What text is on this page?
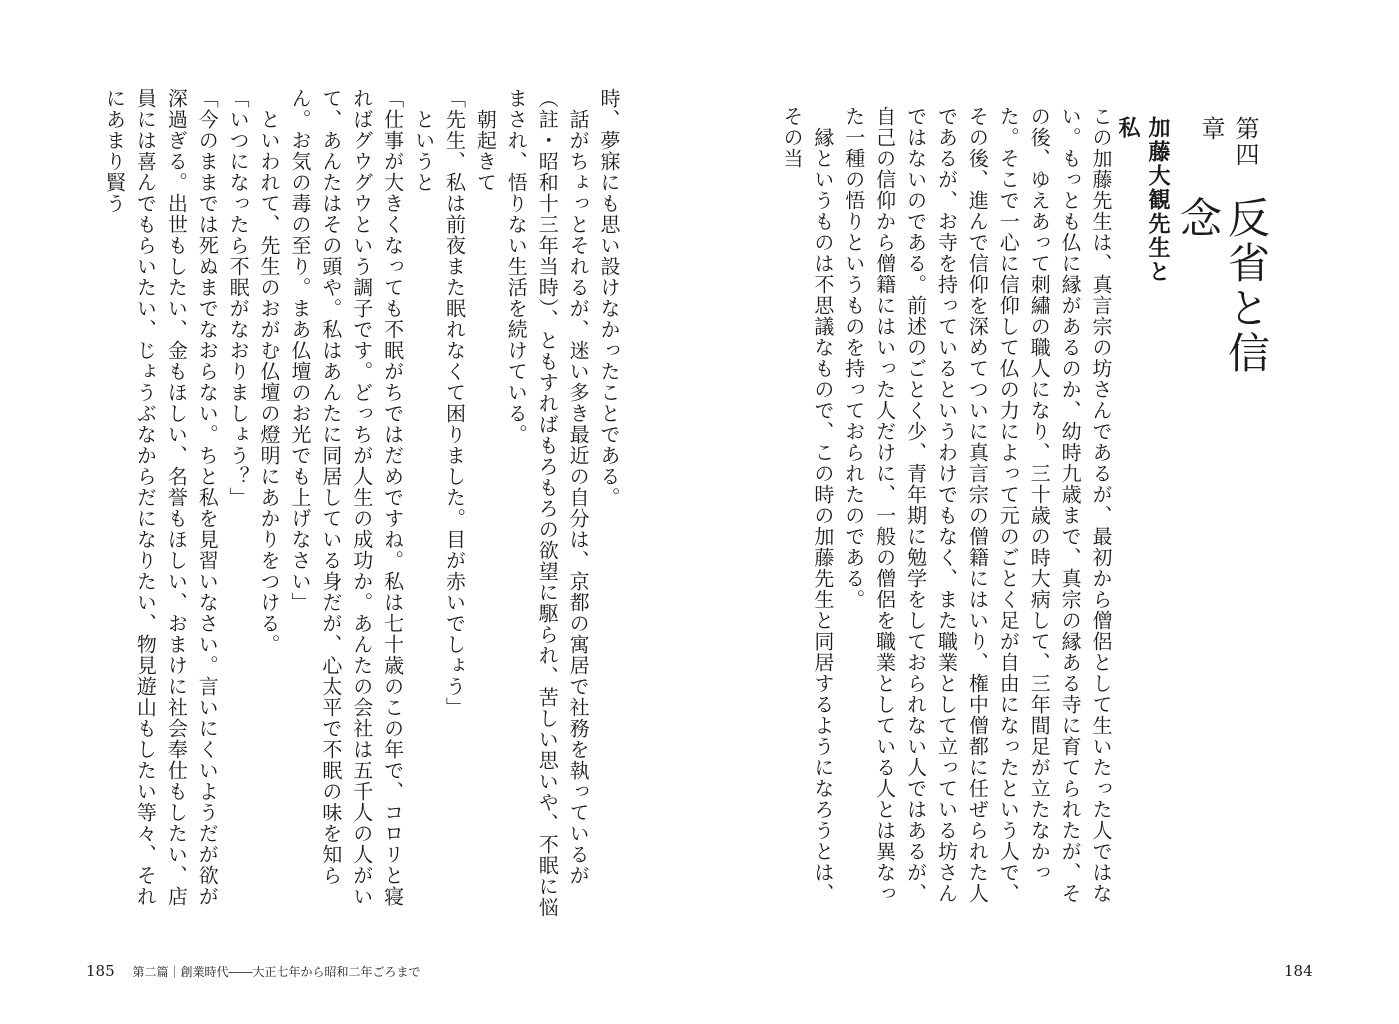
第四章
反省と信念
加藤大観先生と私

この加藤先生は、真言宗の坊さんであるが、最初から僧侶として生いたった人ではない。もっとも仏に縁があるのか、幼時九歳まで、真宗の縁ある寺に育てられたが、その後、ゆえあって刺繡の職人になり、三十歳の時大病して、三年間足が立たなかった。そこで一心に信仰して仏の力によって元のごとく足が自由になったという人で、その後、進んで信仰を深めてついに真言宗の僧籍にはいり、権中僧都に任ぜられた人であるが、お寺を持っているというわけでもなく、また職業として立っている坊さんではないのである。前述のごとく少、青年期に勉学をしておられない人ではあるが、自己の信仰から僧籍にはいった人だけに、一般の僧侶を職業としている人とは異なった一種の悟りというものを持っておられたのである。

　縁というものは不思議なもので、この時の加藤先生と同居するようになろうとは、その当

時、夢寐にも思い設けなかったことである。

　話がちょっとそれるが、迷い多き最近の自分は、京都の寓居で社務を執っているが（註・昭和十三年当時）、ともすればもろもろの欲望に駆られ、苦しい思いや、不眠に悩まされ、悟りない生活を続けている。

　朝起きて

「先生、私は前夜また眠れなくて困りました。目が赤いでしょう」

　というと

「仕事が大きくなっても不眠がちではだめですね。私は七十歳のこの年で、コロリと寝ればグウグウという調子です。どっちが人生の成功か。あんたの会社は五千人の人がいて、あんたはその頭や。私はあんたに同居している身だが、心太平で不眠の味を知らん。お気の毒の至り。まあ仏壇のお光でも上げなさい」

　といわれて、先生のおがむ仏壇の燈明にあかりをつける。

「いつになったら不眠がなおりましょう？」

「今のままでは死ぬまでなおらない。ちと私を見習いなさい。言いにくいようだが欲が深過ぎる。出世もしたい、金もほしい、名誉もほしい、おまけに社会奉仕もしたい、店員には喜んでもらいたい、じょうぶなからだになりたい、物見遊山もしたい等々、それにあまり賢う

185 第二篇｜創業時代――大正七年から昭和二年ごろまで	184
